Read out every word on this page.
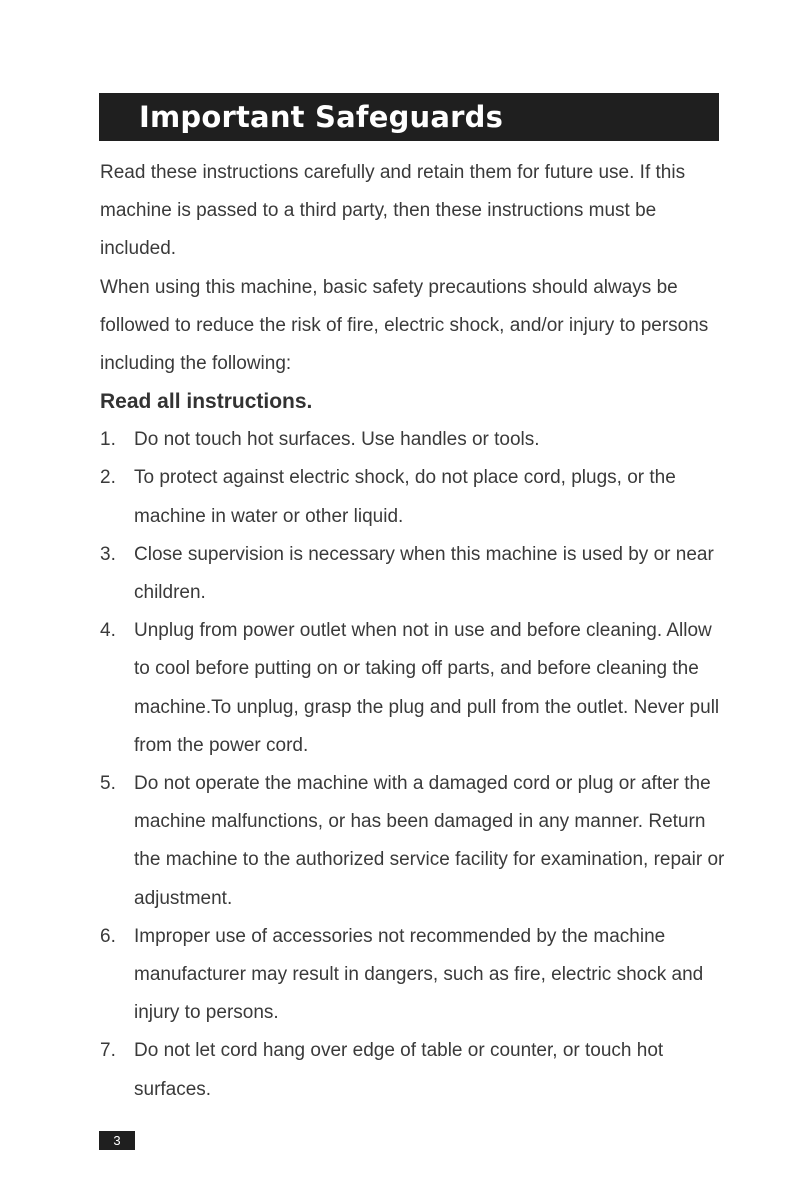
Important Safeguards

Read these instructions carefully and retain them for future use. If this machine is passed to a third party, then these instructions must be included.

When using this machine, basic safety precautions should always be followed to reduce the risk of fire, electric shock, and/or injury to persons including the following:

Read all instructions.

1. Do not touch hot surfaces. Use handles or tools.
2. To protect against electric shock, do not place cord, plugs, or the machine in water or other liquid.
3. Close supervision is necessary when this machine is used by or near children.
4. Unplug from power outlet when not in use and before cleaning. Allow to cool before putting on or taking off parts, and before cleaning the machine.To unplug, grasp the plug and pull from the outlet. Never pull from the power cord.
5. Do not operate the machine with a damaged cord or plug or after the machine malfunctions, or has been damaged in any manner. Return the machine to the authorized service facility for examination, repair or adjustment.
6. Improper use of accessories not recommended by the machine manufacturer may result in dangers, such as fire, electric shock and injury to persons.
7. Do not let cord hang over edge of table or counter, or touch hot surfaces.
3
